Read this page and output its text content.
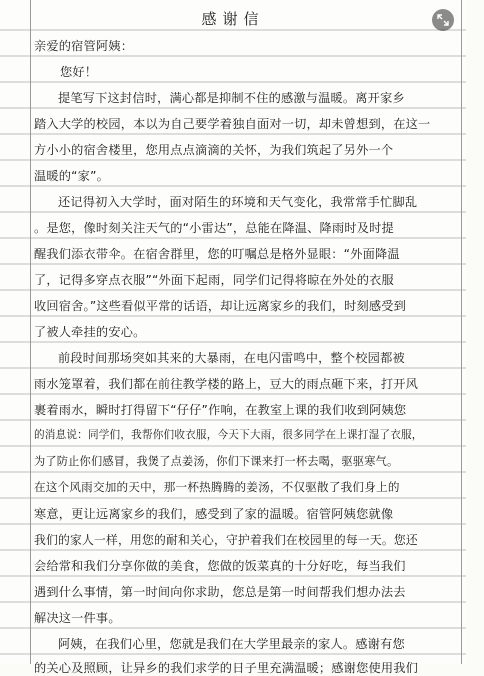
感谢信
亲爱的宿管阿姨：
您好！
提笔写下这封信时，满心都是抑制不住的感激与温暖。离开家乡
踏入大学的校园，本以为自己要学着独自面对一切，却未曾想到，在这一
方小小的宿舍楼里，您用点点滴滴的关怀，为我们筑起了另外一个
温暖的“家”。
还记得初入大学时，面对陌生的环境和天气变化，我常常手忙脚乱
。是您，像时刻关注天气的“小雷达”，总能在降温、降雨时及时提
醒我们添衣带伞。在宿舍群里，您的叮嘱总是格外显眼：“外面降温
了，记得多穿点衣服”“外面下起雨，同学们记得将晾在外处的衣服
收回宿舍。”这些看似平常的话语，却让远离家乡的我们，时刻感受到
了被人牵挂的安心。
前段时间那场突如其来的大暴雨，在电闪雷鸣中，整个校园都被
雨水笼罩着，我们都在前往教学楼的路上，豆大的雨点砸下来，打开风
裹着雨水，瞬时打得留下“仔仔”作响，在教室上课的我们收到阿姨您
的消息说：同学们，我帮你们收衣服，今天下大雨，很多同学在上课打湿了衣服，
为了防止你们感冒，我煲了点姜汤，你们下课来打一杯去喝，驱驱寒气。
在这个风雨交加的天中，那一杯热腾腾的姜汤，不仅驱散了我们身上的
寒意，更让远离家乡的我们，感受到了家的温暖。宿管阿姨您就像
我们的家人一样，用您的耐和关心，守护着我们在校园里的每一天。您还
会给常和我们分享你做的美食，您做的饭菜真的十分好吃，每当我们
遇到什么事情，第一时间向你求助，您总是第一时间帮我们想办法去
解决这一件事。
阿姨，在我们心里，您就是我们在大学里最亲的家人。感谢有您
的关心及照顾，让异乡的我们求学的日子里充满温暖；感谢您使用我们
